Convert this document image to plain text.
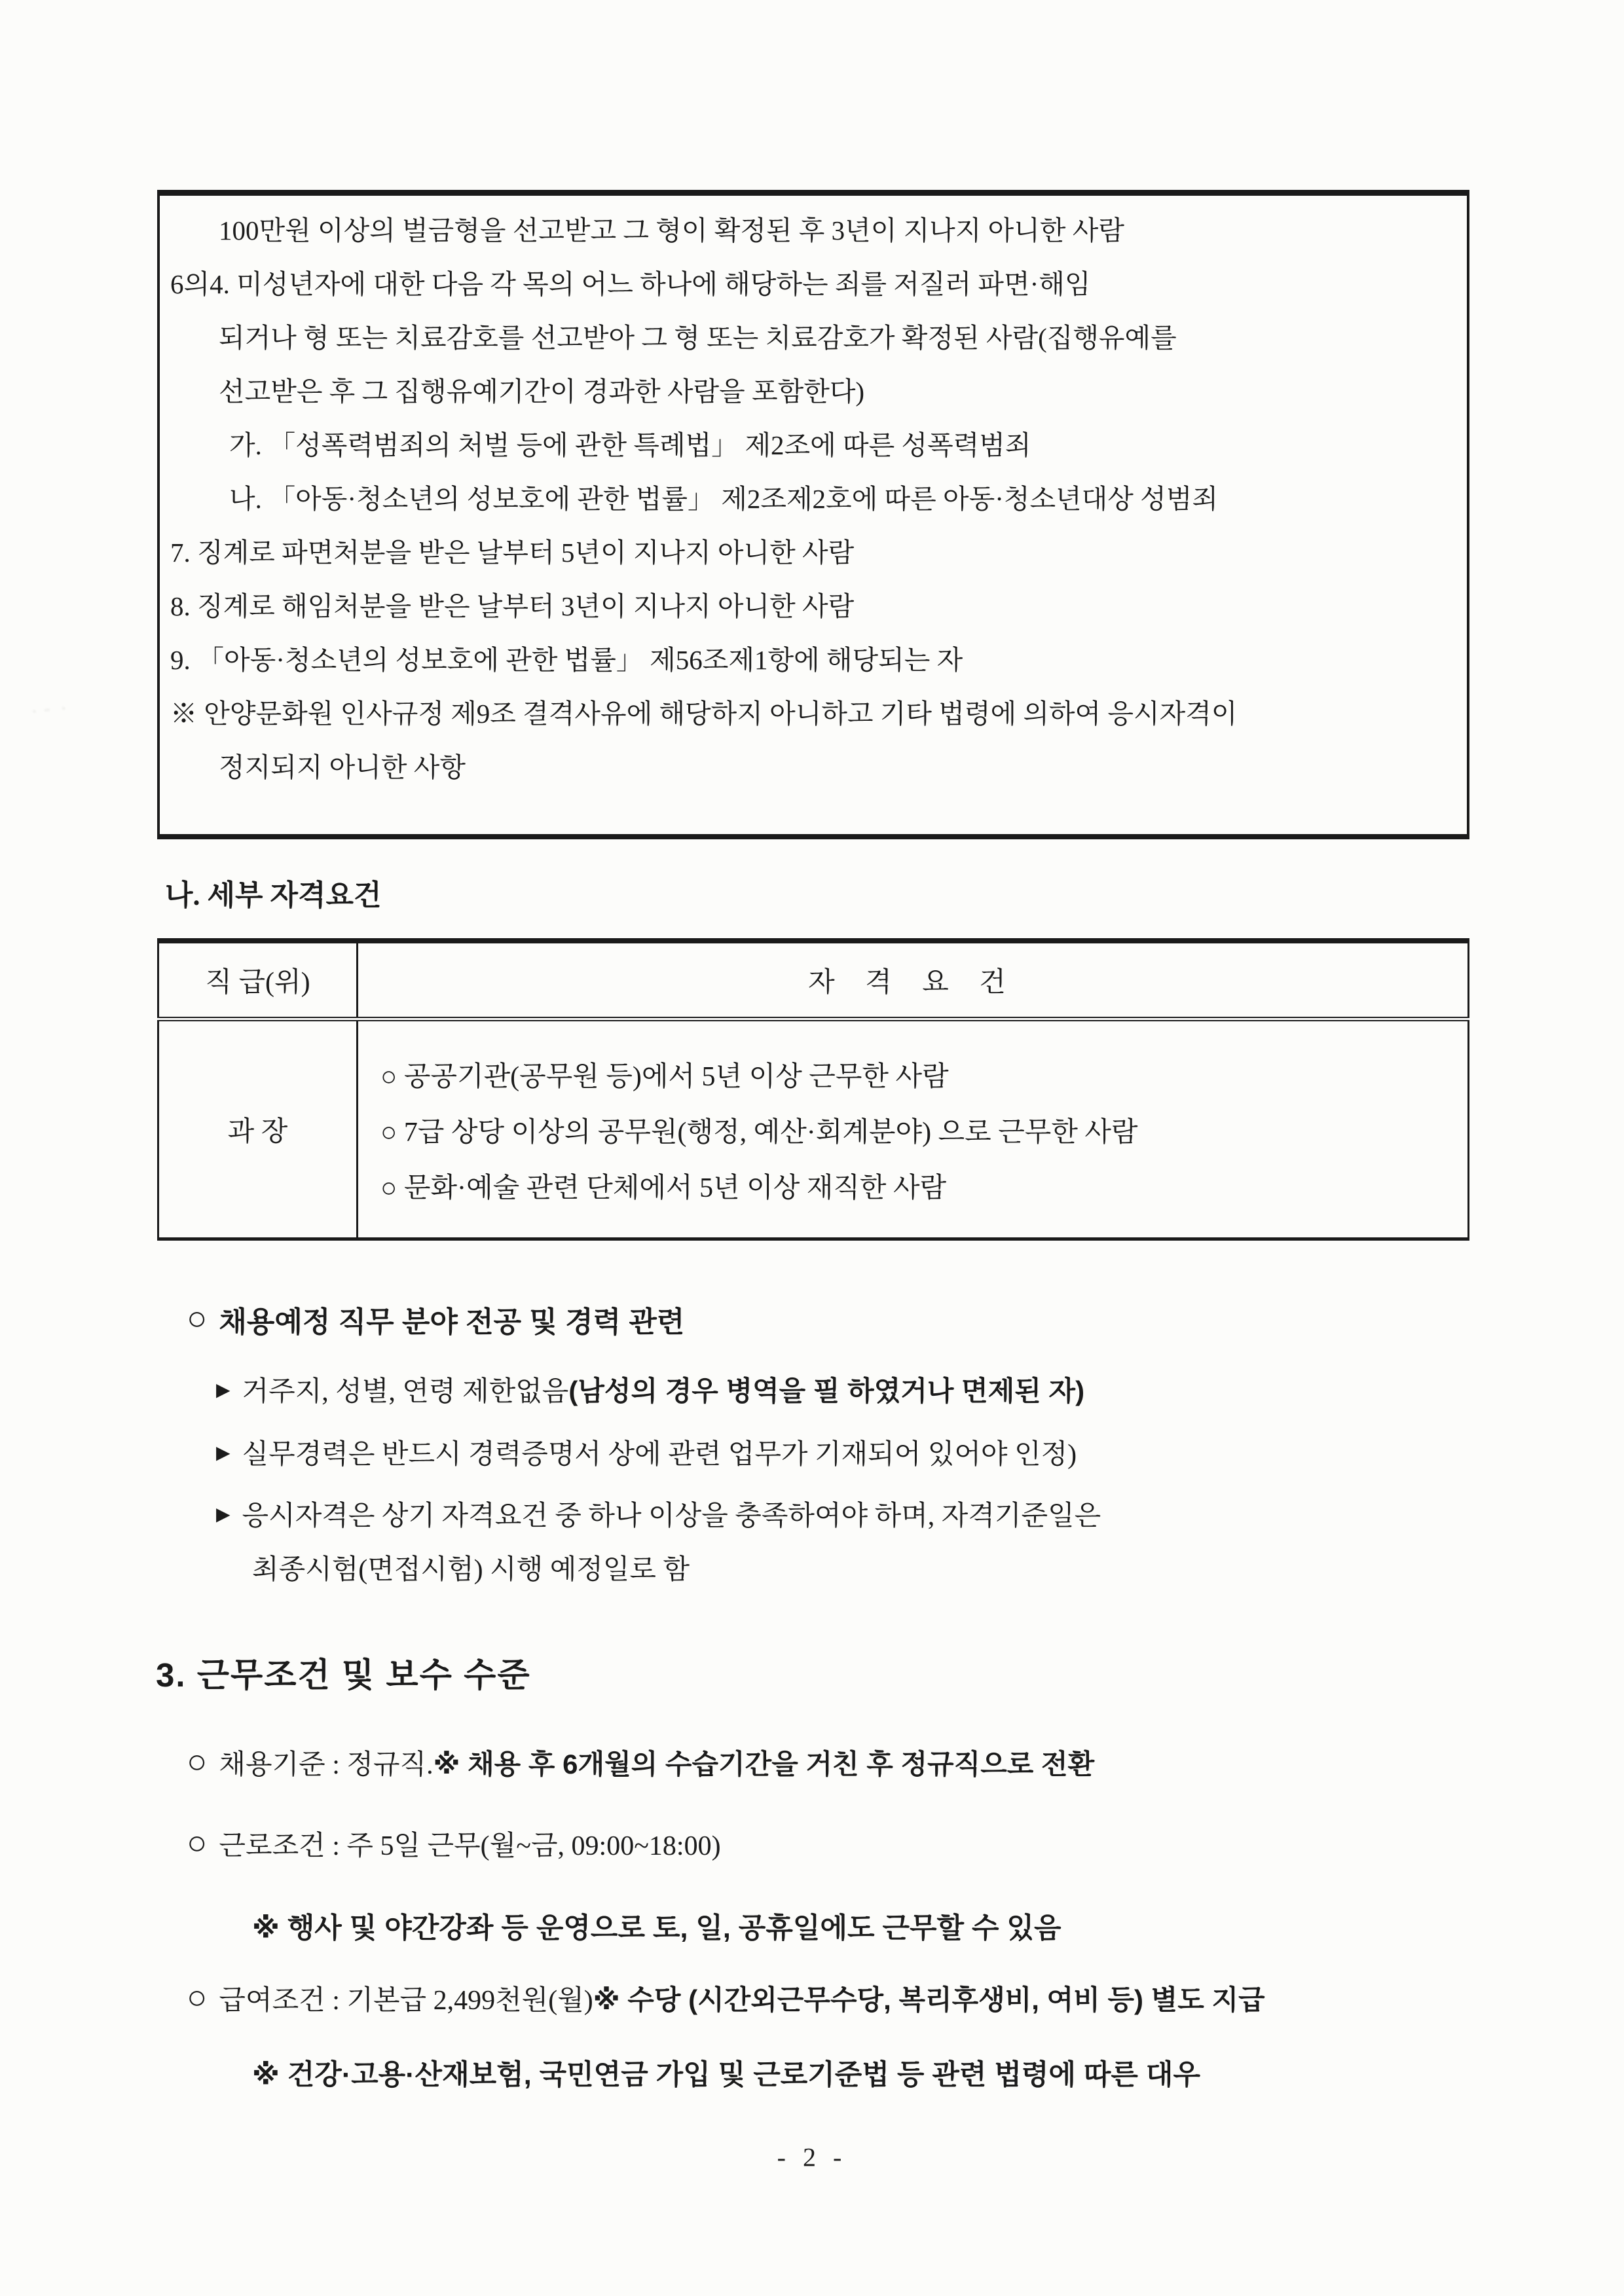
ᆞᆢ ᆞ
100만원 이상의 벌금형을 선고받고 그 형이 확정된 후 3년이 지나지 아니한 사람
6의4. 미성년자에 대한 다음 각 목의 어느 하나에 해당하는 죄를 저질러 파면·해임
되거나 형 또는 치료감호를 선고받아 그 형 또는 치료감호가 확정된 사람(집행유예를
선고받은 후 그 집행유예기간이 경과한 사람을 포함한다)
가. 「성폭력범죄의 처벌 등에 관한 특례법」 제2조에 따른 성폭력범죄
나. 「아동·청소년의 성보호에 관한 법률」 제2조제2호에 따른 아동·청소년대상 성범죄
7. 징계로 파면처분을 받은 날부터 5년이 지나지 아니한 사람
8. 징계로 해임처분을 받은 날부터 3년이 지나지 아니한 사람
9. 「아동·청소년의 성보호에 관한 법률」 제56조제1항에 해당되는 자
※ 안양문화원 인사규정 제9조 결격사유에 해당하지 아니하고 기타 법령에 의하여 응시자격이
정지되지 아니한 사항
나. 세부 자격요건
직 급(위)	자 격 요 건
과 장	○ 공공기관(공무원 등)에서 5년 이상 근무한 사람
○ 7급 상당 이상의 공무원(행정, 예산·회계분야) 으로 근무한 사람
○ 문화·예술 관련 단체에서 5년 이상 재직한 사람
○ 채용예정 직무 분야 전공 및 경력 관련
▶ 거주지, 성별, 연령 제한없음 (남성의 경우 병역을 필 하였거나 면제된 자)
▶ 실무경력은 반드시 경력증명서 상에 관련 업무가 기재되어 있어야 인정)
▶ 응시자격은 상기 자격요건 중 하나 이상을 충족하여야 하며, 자격기준일은
최종시험(면접시험) 시행 예정일로 함
3. 근무조건 및 보수 수준
○ 채용기준 : 정규직. ※ 채용 후 6개월의 수습기간을 거친 후 정규직으로 전환
○ 근로조건 : 주 5일 근무(월~금, 09:00~18:00)
※ 행사 및 야간강좌 등 운영으로 토, 일, 공휴일에도 근무할 수 있음
○ 급여조건 : 기본급 2,499천원(월) ※ 수당 (시간외근무수당, 복리후생비, 여비 등) 별도 지급
※ 건강·고용·산재보험, 국민연금 가입 및 근로기준법 등 관련 법령에 따른 대우
- 2 -
